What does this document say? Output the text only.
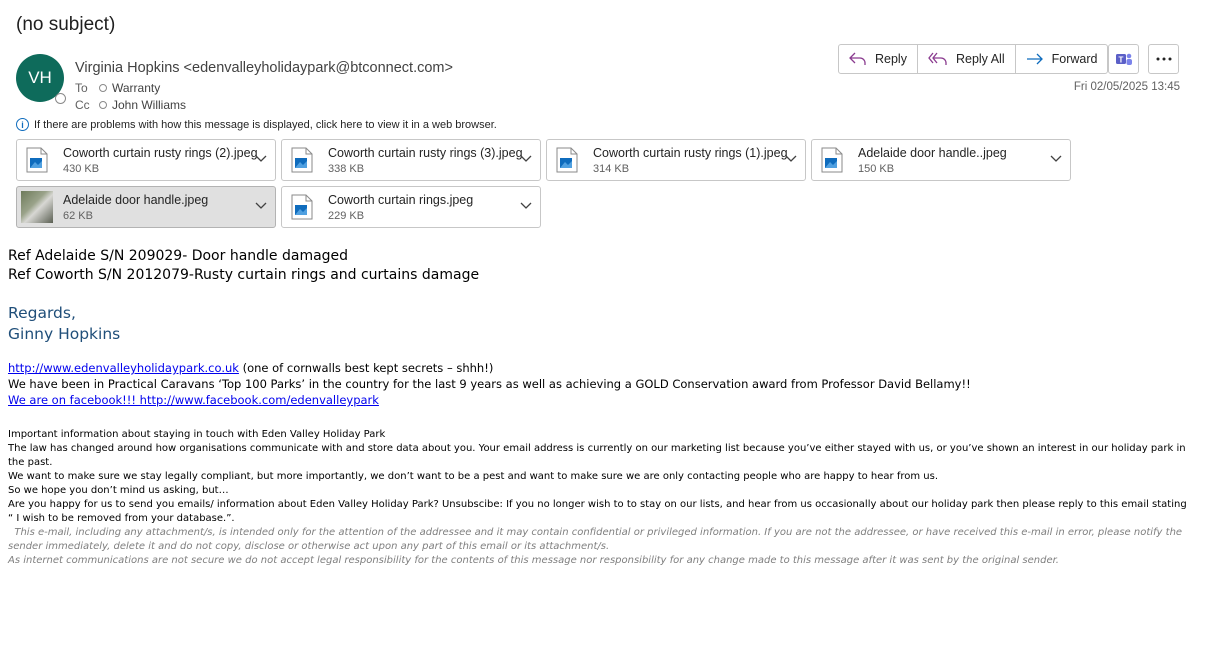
(no subject)
VH Virginia Hopkins <edenvalleyholidaypark@btconnect.com>
To	Warranty
Cc	John Williams
Reply	Reply All	Forward	T
Fri 02/05/2025 13:45
i If there are problems with how this message is displayed, click here to view it in a web browser.
Coworth curtain rusty rings (2).jpeg
430 KB
Coworth curtain rusty rings (3).jpeg
338 KB
Coworth curtain rusty rings (1).jpeg
314 KB
Adelaide door handle..jpeg
150 KB
Adelaide door handle.jpeg
62 KB
Coworth curtain rings.jpeg
229 KB
Ref Adelaide S/N 209029- Door handle damaged
Ref Coworth S/N 2012079-Rusty curtain rings and curtains damage
Regards,
Ginny Hopkins
http://www.edenvalleyholidaypark.co.uk (one of cornwalls best kept secrets – shhh!)
We have been in Practical Caravans ‘Top 100 Parks’ in the country for the last 9 years as well as achieving a GOLD Conservation award from Professor David Bellamy!!
We are on facebook!!! http://www.facebook.com/edenvalleypark
Important information about staying in touch with Eden Valley Holiday Park
The law has changed around how organisations communicate with and store data about you. Your email address is currently on our marketing list because you’ve either stayed with us, or you’ve shown an interest in our holiday park in the past.
We want to make sure we stay legally compliant, but more importantly, we don’t want to be a pest and want to make sure we are only contacting people who are happy to hear from us.
So we hope you don’t mind us asking, but…
Are you happy for us to send you emails/ information about Eden Valley Holiday Park? Unsubscibe: If you no longer wish to to stay on our lists, and hear from us occasionally about our holiday park then please reply to this email stating “ I wish to be removed from your database.”.
This e-mail, including any attachment/s, is intended only for the attention of the addressee and it may contain confidential or privileged information. If you are not the addressee, or have received this e-mail in error, please notify the sender immediately, delete it and do not copy, disclose or otherwise act upon any part of this email or its attachment/s.
As internet communications are not secure we do not accept legal responsibility for the contents of this message nor responsibility for any change made to this message after it was sent by the original sender.
